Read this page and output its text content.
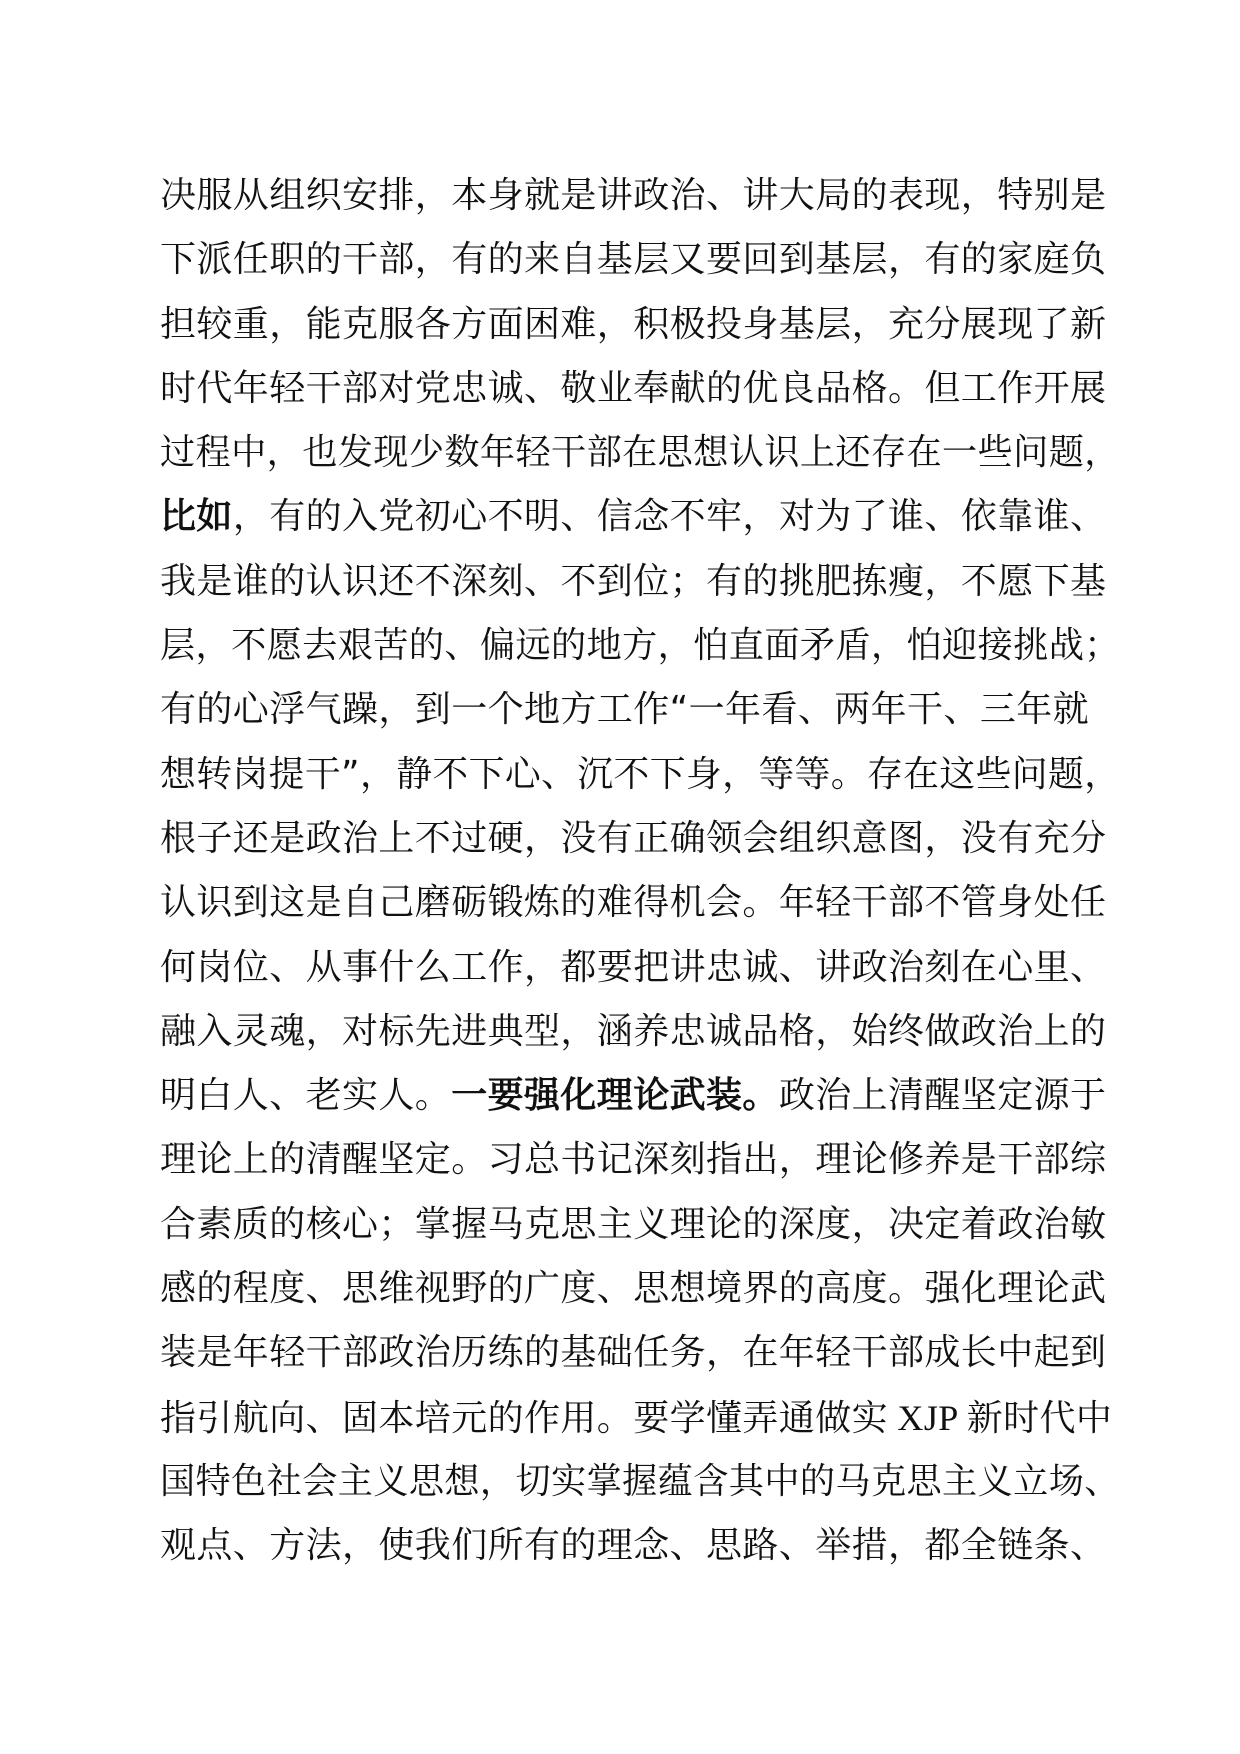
决服从组织安排，本身就是讲政治、讲大局的表现，特别是
下派任职的干部，有的来自基层又要回到基层，有的家庭负
担较重，能克服各方面困难，积极投身基层，充分展现了新
时代年轻干部对党忠诚、敬业奉献的优良品格。但工作开展
过程中，也发现少数年轻干部在思想认识上还存在一些问题，
比如，有的入党初心不明、信念不牢，对为了谁、依靠谁、
我是谁的认识还不深刻、不到位；有的挑肥拣瘦，不愿下基
层，不愿去艰苦的、偏远的地方，怕直面矛盾，怕迎接挑战；
有的心浮气躁，到一个地方工作“一年看、两年干、三年就
想转岗提干”，静不下心、沉不下身，等等。存在这些问题，
根子还是政治上不过硬，没有正确领会组织意图，没有充分
认识到这是自己磨砺锻炼的难得机会。年轻干部不管身处任
何岗位、从事什么工作，都要把讲忠诚、讲政治刻在心里、
融入灵魂，对标先进典型，涵养忠诚品格，始终做政治上的
明白人、老实人。一要强化理论武装。政治上清醒坚定源于
理论上的清醒坚定。习总书记深刻指出，理论修养是干部综
合素质的核心；掌握马克思主义理论的深度，决定着政治敏
感的程度、思维视野的广度、思想境界的高度。强化理论武
装是年轻干部政治历练的基础任务，在年轻干部成长中起到
指引航向、固本培元的作用。要学懂弄通做实 XJP 新时代中
国特色社会主义思想，切实掌握蕴含其中的马克思主义立场、
观点、方法，使我们所有的理念、思路、举措，都全链条、
